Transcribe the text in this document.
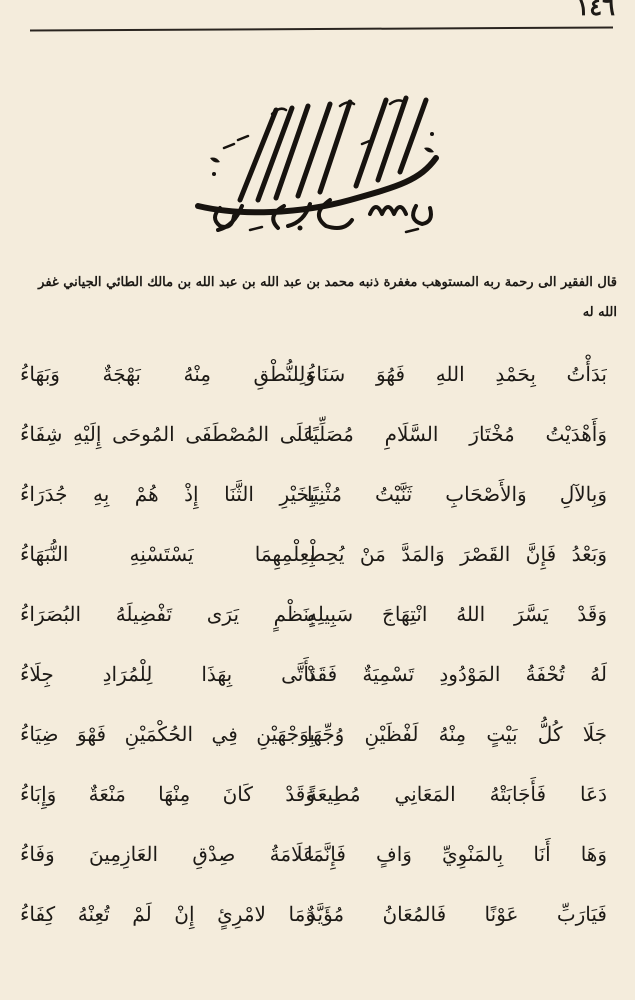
١٤٦
قال الفقير الى رحمة ربه المستوهب مغفرة ذنبه محمد بن عبد الله بن عبد الله بن مالك الطائي الجياني غفر الله له
بَدَأْتُ بِحَمْدِ اللهِ فَهُوَ سَنَاءُ
وَلِلنُّطْقِ مِنْهُ بَهْجَةٌ وَبَهَاءُ
وَأَهْدَيْتُ مُخْتَارَ السَّلَامِ مُصَلِّيًا
عَلَى المُصْطَفَى المُوحَى إِلَيْهِ شِفَاءُ
وَبِالآلِ وَالأَصْحَابِ ثَنَّيْتُ مُثْنِيًا
بِخَيْرِ الثَّنَا إِذْ هُمْ بِهِ جُدَرَاءُ
وَبَعْدُ فَإِنَّ القَصْرَ وَالمَدَّ مَنْ يُحِطْ
بِعِلْمِهِمَا يَسْتَسْنِهِ النُّبَهَاءُ
وَقَدْ يَسَّرَ اللهُ انْتِهَاجَ سَبِيلِهِ
بِنَظْمٍ يَرَى تَفْضِيلَهُ البُصَرَاءُ
لَهُ تُحْفَةُ المَوْدُودِ تَسْمِيَةٌ فَقَدْ
تَأَتَّى بِهَذَا لِلْمُرَادِ جِلَاءُ
جَلَا كُلُّ بَيْتٍ مِنْهُ لَفْظَيْنِ وُجِّهَا
بِوَجْهَيْنِ فِي الحُكْمَيْنِ فَهْوَ ضِيَاءُ
دَعَا فَأَجَابَتْهُ المَعَانِي مُطِيعَةً
وَقَدْ كَانَ مِنْهَا مَنْعَةٌ وَإِبَاءُ
وَهَا أَنَا بِالمَنْوِيِّ وَافٍ فَإِنَّمَا
عَلَامَةُ صِدْقِ العَازِمِينَ وَفَاءُ
فَيَارَبِّ عَوْنًا فَالمُعَانُ مُؤَيَّدٌ
وَمَا لامْرِئٍ إِنْ لَمْ تُعِنْهُ كِفَاءُ
